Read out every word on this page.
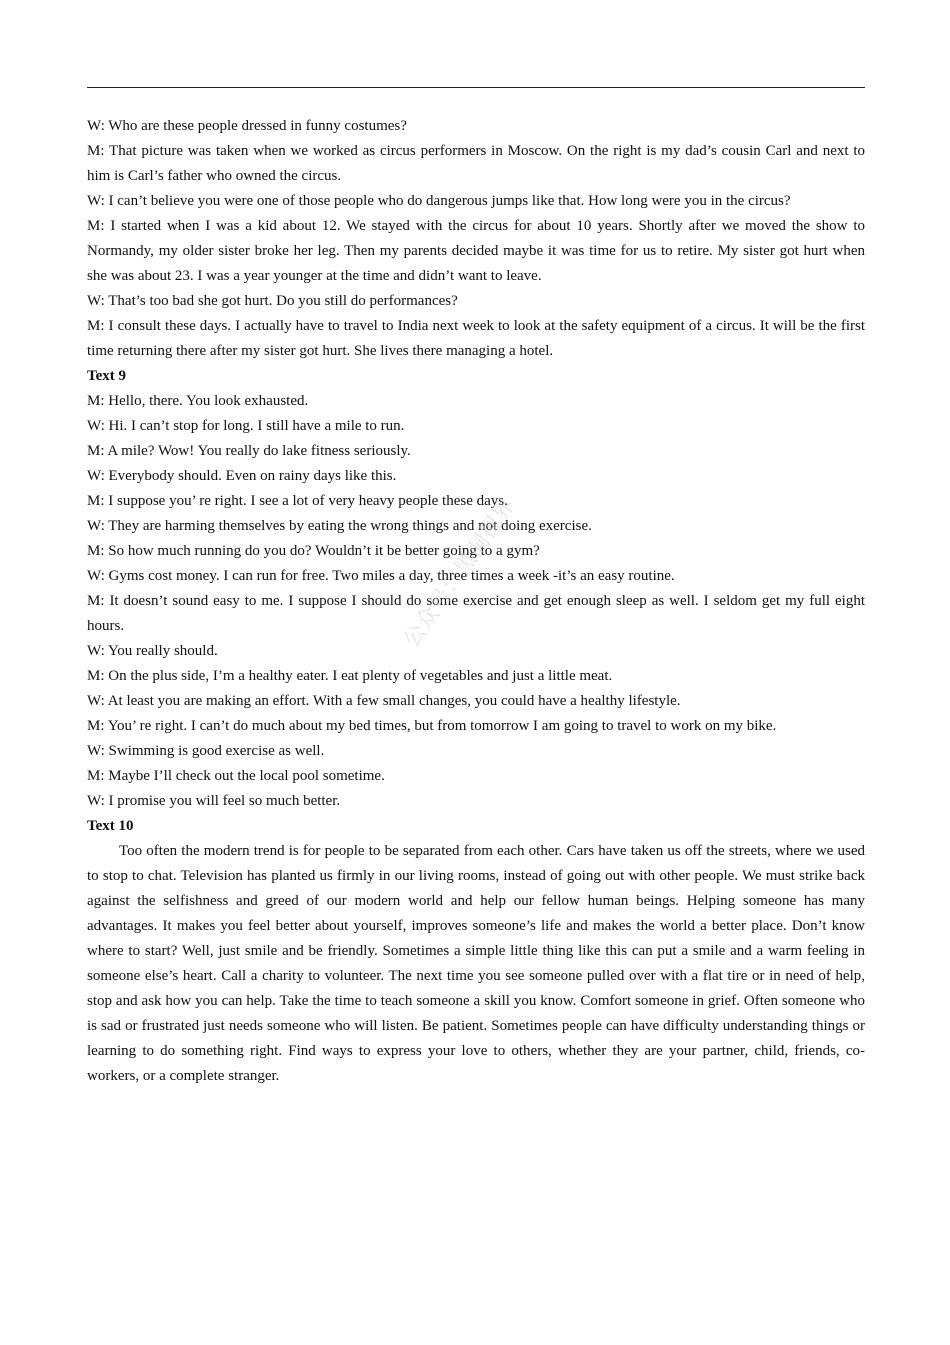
W: Who are these people dressed in funny costumes?

M: That picture was taken when we worked as circus performers in Moscow. On the right is my dad’s cousin Carl and next to him is Carl’s father who owned the circus.

W: I can’t believe you were one of those people who do dangerous jumps like that. How long were you in the circus?

M: I started when I was a kid about 12. We stayed with the circus for about 10 years. Shortly after we moved the show to Normandy, my older sister broke her leg. Then my parents decided maybe it was time for us to retire. My sister got hurt when she was about 23. I was a year younger at the time and didn’t want to leave.

W: That’s too bad she got hurt. Do you still do performances?

M: I consult these days. I actually have to travel to India next week to look at the safety equipment of a circus. It will be the first time returning there after my sister got hurt. She lives there managing a hotel.

Text 9

M: Hello, there. You look exhausted.

W: Hi. I can’t stop for long. I still have a mile to run.

M: A mile? Wow! You really do lake fitness seriously.

W: Everybody should. Even on rainy days like this.

M: I suppose you’ re right. I see a lot of very heavy people these days.

W: They are harming themselves by eating the wrong things and not doing exercise.

M: So how much running do you do? Wouldn’t it be better going to a gym?

W: Gyms cost money. I can run for free. Two miles a day, three times a week -it’s an easy routine.

M: It doesn’t sound easy to me. I suppose I should do some exercise and get enough sleep as well. I seldom get my full eight hours.

W: You really should.

M: On the plus side, I’m a healthy eater. I eat plenty of vegetables and just a little meat.

W: At least you are making an effort. With a few small changes, you could have a healthy lifestyle.

M: You’ re right. I can’t do much about my bed times, but from tomorrow I am going to travel to work on my bike.

W: Swimming is good exercise as well.

M: Maybe I’ll check out the local pool sometime.

W: I promise you will feel so much better.

Text 10

Too often the modern trend is for people to be separated from each other. Cars have taken us off the streets, where we used to stop to chat. Television has planted us firmly in our living rooms, instead of going out with other people. We must strike back against the selfishness and greed of our modern world and help our fellow human beings. Helping someone has many advantages. It makes you feel better about yourself, improves someone’s life and makes the world a better place. Don’t know where to start? Well, just smile and be friendly. Sometimes a simple little thing like this can put a smile and a warm feeling in someone else’s heart. Call a charity to volunteer. The next time you see someone pulled over with a flat tire or in need of help, stop and ask how you can help. Take the time to teach someone a skill you know. Comfort someone in grief. Often someone who is sad or frustrated just needs someone who will listen. Be patient. Sometimes people can have difficulty understanding things or learning to do something right. Find ways to express your love to others, whether they are your partner, child, friends, co-workers, or a complete stranger.

公众号：黑洞视界
